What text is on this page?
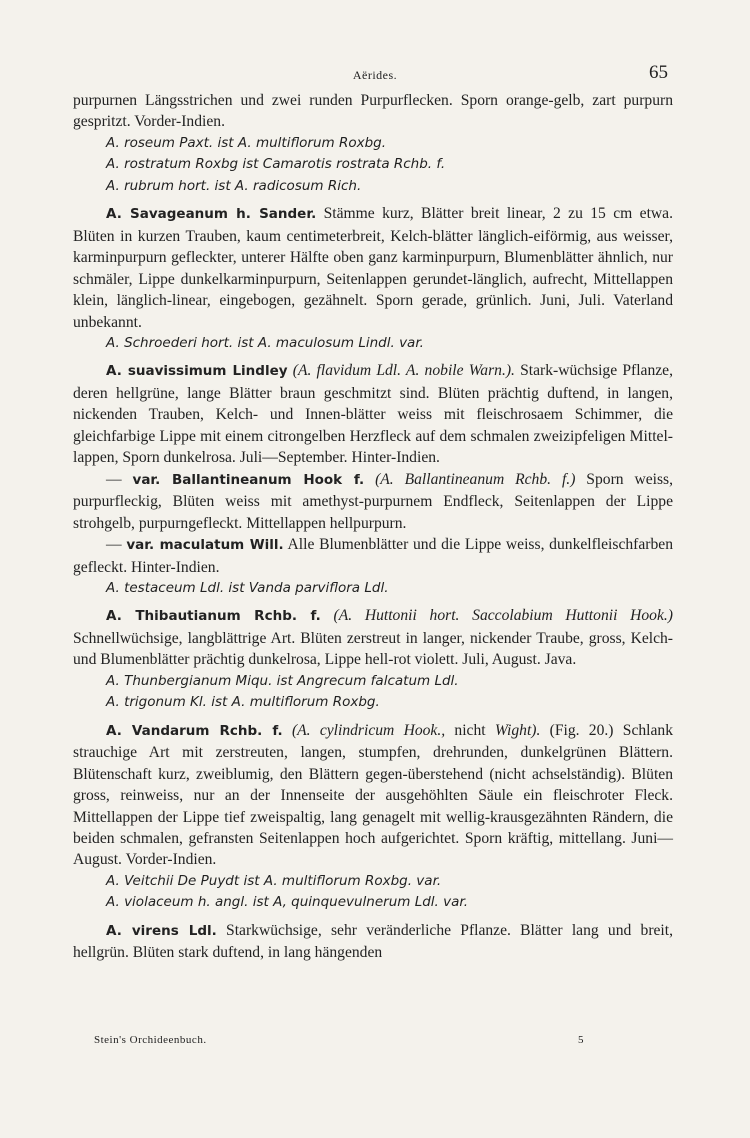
Aërides.	65

purpurnen Längsstrichen und zwei runden Purpurflecken. Sporn orange-gelb, zart purpurn gespritzt. Vorder-Indien.

A. roseum Paxt. ist A. multiflorum Roxbg.

A. rostratum Roxbg ist Camarotis rostrata Rchb. f.

A. rubrum hort. ist A. radicosum Rich.

A. Savageanum h. Sander. Stämme kurz, Blätter breit linear, 2 zu 15 cm etwa. Blüten in kurzen Trauben, kaum centimeterbreit, Kelch-blätter länglich-eiförmig, aus weisser, karminpurpurn gefleckter, unterer Hälfte oben ganz karminpurpurn, Blumenblätter ähnlich, nur schmäler, Lippe dunkelkarminpurpurn, Seitenlappen gerundet-länglich, aufrecht, Mittellappen klein, länglich-linear, eingebogen, gezähnelt. Sporn gerade, grünlich. Juni, Juli. Vaterland unbekannt.

A. Schroederi hort. ist A. maculosum Lindl. var.

A. suavissimum Lindley (A. flavidum Ldl. A. nobile Warn.). Stark-wüchsige Pflanze, deren hellgrüne, lange Blätter braun geschmitzt sind. Blüten prächtig duftend, in langen, nickenden Trauben, Kelch- und Innen-blätter weiss mit fleischrosaem Schimmer, die gleichfarbige Lippe mit einem citrongelben Herzfleck auf dem schmalen zweizipfeligen Mittel-lappen, Sporn dunkelrosa. Juli—September. Hinter-Indien.

— var. Ballantineanum Hook f. (A. Ballantineanum Rchb. f.) Sporn weiss, purpurfleckig, Blüten weiss mit amethyst-purpurnem Endfleck, Seitenlappen der Lippe strohgelb, purpurngefleckt. Mittellappen hellpurpurn.

— var. maculatum Will. Alle Blumenblätter und die Lippe weiss, dunkelfleischfarben gefleckt. Hinter-Indien.

A. testaceum Ldl. ist Vanda parviflora Ldl.

A. Thibautianum Rchb. f. (A. Huttonii hort. Saccolabium Huttonii Hook.) Schnellwüchsige, langblättrige Art. Blüten zerstreut in langer, nickender Traube, gross, Kelch- und Blumenblätter prächtig dunkelrosa, Lippe hell-rot violett. Juli, August. Java.

A. Thunbergianum Miqu. ist Angrecum falcatum Ldl.

A. trigonum Kl. ist A. multiflorum Roxbg.

A. Vandarum Rchb. f. (A. cylindricum Hook., nicht Wight). (Fig. 20.) Schlank strauchige Art mit zerstreuten, langen, stumpfen, drehrunden, dunkelgrünen Blättern. Blütenschaft kurz, zweiblumig, den Blättern gegen-überstehend (nicht achselständig). Blüten gross, reinweiss, nur an der Innenseite der ausgehöhlten Säule ein fleischroter Fleck. Mittellappen der Lippe tief zweispaltig, lang genagelt mit wellig-krausgezähnten Rändern, die beiden schmalen, gefransten Seitenlappen hoch aufgerichtet. Sporn kräftig, mittellang. Juni—August. Vorder-Indien.

A. Veitchii De Puydt ist A. multiflorum Roxbg. var.

A. violaceum h. angl. ist A, quinquevulnerum Ldl. var.

A. virens Ldl. Starkwüchsige, sehr veränderliche Pflanze. Blätter lang und breit, hellgrün. Blüten stark duftend, in lang hängenden

Stein's Orchideenbuch.	5
